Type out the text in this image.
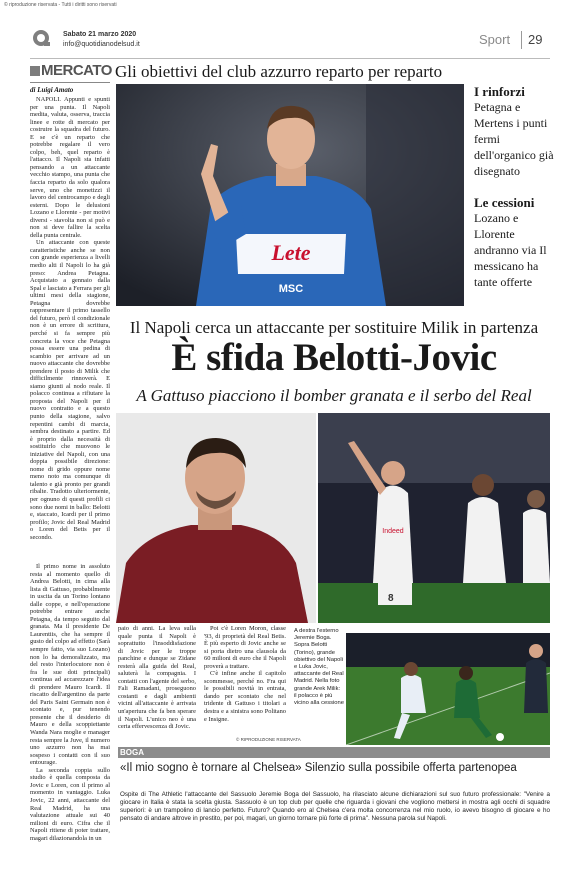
© riproduzione riservata - Tutti i diritti sono riservati
Sabato 21 marzo 2020
info@quotidianodelsud.it	Sport 29
MERCATO Gli obiettivi del club azzurro reparto per reparto
di Luigi Amato

NAPOLI. Appunti e spunti per una punta. Il Napoli medita, valuta, osserva, traccia linee e rotte di mercato per costruire la squadra del futuro. E se c'è un reparto che potrebbe regalare il vero colpo, beh, quel reparto è l'attacco. Il Napoli sta infatti pensando a un attaccante vecchio stampo, una punta che faccia reparto da solo qualora serve, uno che monetizzi il lavoro del centrocampo e degli esterni. Dopo le delusioni Lozano e Llorente - per motivi diversi - stavolta non si può e non si deve fallire la scelta della punta centrale.

Un attaccante con queste caratteristiche anche se non con grande esperienza a livelli medio alti il Napoli lo ha già preso: Andrea Petagna. Acquistato a gennaio dalla Spal e lasciato a Ferrara per gli ultimi mesi della stagione, Petagna dovrebbe rappresentare il primo tassello del futuro, però il condizionale non è un errore di scrittura, perché si fa sempre più concreta la voce che Petagna possa essere una pedina di scambio per arrivare ad un nuovo attaccante che dovrebbe prendere il posto di Milik che difficilmente rinnoverà. E siamo giunti al nodo reale. Il polacco continua a rifiutare la proposta del Napoli per il nuovo contratto e a questo punto della stagione, salvo repentini cambi di marcia, sembra destinato a partire. Ed è proprio dalla necessità di sostituirlo che muovono le iniziative del Napoli, con una doppia possibile direzione: nome di grido oppure nome meno noto ma comunque di talento e già pronto per grandi ribalte. Tradotto ulteriormente, per ognuno di questi profili ci sono due nomi in ballo: Belotti e, staccato, Icardi per il primo profilo; Jovic del Real Madrid o Loren del Betis per il secondo.

Il primo nome in assoluto resta al momento quello di Andrea Belotti, in cima alla lista di Gattuso, probabilmente in uscita da un Torino lontano dalle coppe, e nell'operazione potrebbe entrare anche Petagna, da tempo seguito dal granata. Ma il presidente De Laurentiis, che ha sempre il gusto del colpo ad effetto (Sarà sempre fatto, via suo Lozano) non lo ha demoralizzato, ma del resto l'interlocutore non è fra le sue doti principali) continua ad accarezzare l'idea di prendere Mauro Icardi. Il riscatto dell'argentino da parte del Paris Saint Germain non è scontato e, pur tenendo presente che il desiderio di Mauro e della scoppiettante Wanda Nara moglie e manager resta sempre la Juve, il numero uno azzurro non ha mai sospeso i contatti con il suo entourage.

La seconda coppia sullo studio è quella composta da Jovic e Loren, con il primo al momento in vantaggio. Luka Jovic, 22 anni, attaccante del Real Madrid, ha una valutazione attuale sui 40 milioni di euro. Cifra che il Napoli ritiene di poter trattare, magari dilazionandola in un

Lete
MSC
I rinforzi
Petagna e Mertens i punti fermi dell'organico già disegnato
Le cessioni
Lozano e Llorente andranno via Il messicano ha tante offerte
Il Napoli cerca un attaccante per sostituire Milik in partenza
È sfida Belotti-Jovic
A Gattuso piacciono il bomber granata e il serbo del Real
Indeed
8
paio di anni. La leva sulla quale punta il Napoli è soprattutto l'insoddisfazione di Jovic per le troppe panchine e dunque se Zidane resterà alla guida del Real, saluterà la compagnia. I contatti con l'agente del serbo, Fali Ramadani, proseguono costanti e dagli ambienti vicini all'attaccante è arrivata un'apertura che fa ben sperare il Napoli. L'unico neo è una certa effervescenza di Jovic.

Poi c'è Loren Moron, classe '93, di proprietà del Real Betis. È più esperto di Jovic anche se si porta dietro una clausola da 60 milioni di euro che il Napoli proverà a trattare.

C'è infine anche il capitolo scommesse, perché no. Fra qui le possibili novità in entrata, dando per scontato che nel tridente di Gattuso i titolari a destra e a sinistra sono Politano e Insigne.

© RIPRODUZIONE RISERVATA
A destra l'esterno Jeremie Boga. Sopra Belotti (Torino), grande obiettivo del Napoli e Luka Jovic, attaccante del Real Madrid. Nella foto grande Arek Milik: il polacco è più vicino alla cessione
BOGA
«Il mio sogno è tornare al Chelsea» Silenzio sulla possibile offerta partenopea
Ospite di The Athletic l'attaccante del Sassuolo Jeremie Boga del Sassuolo, ha rilasciato alcune dichiarazioni sul suo futuro professionale: "Venire a giocare in Italia è stata la scelta giusta. Sassuolo è un top club per quelle che riguarda i giovani che vogliono mettersi in mostra agli occhi di squadre superiori: è un trampolino di lancio perfetto. Futuro? Quando ero al Chelsea c'era molta concorrenza nel mio ruolo, io avevo bisogno di giocare e ho pensato di andare altrove in prestito, per poi, magari, un giorno tornare più forte di prima". Nessuna parola sul Napoli.
